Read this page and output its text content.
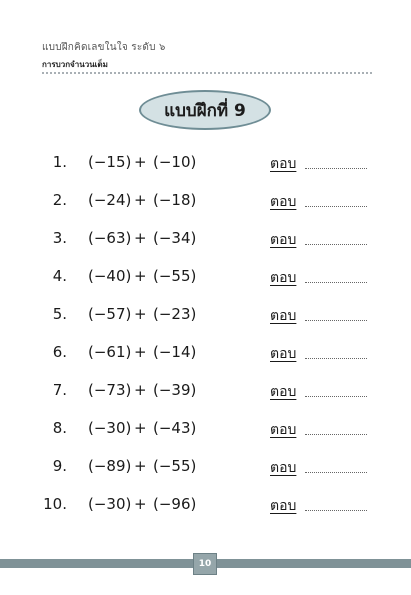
แบบฝึกคิดเลขในใจ ระดับ ๖
การบวกจำนวนเต็ม
แบบฝึกที่ 9
1. (−15) + (−10)	ตอบ
2. (−24) + (−18)	ตอบ
3. (−63) + (−34)	ตอบ
4. (−40) + (−55)	ตอบ
5. (−57) + (−23)	ตอบ
6. (−61) + (−14)	ตอบ
7. (−73) + (−39)	ตอบ
8. (−30) + (−43)	ตอบ
9. (−89) + (−55)	ตอบ
10. (−30) + (−96)	ตอบ
10
